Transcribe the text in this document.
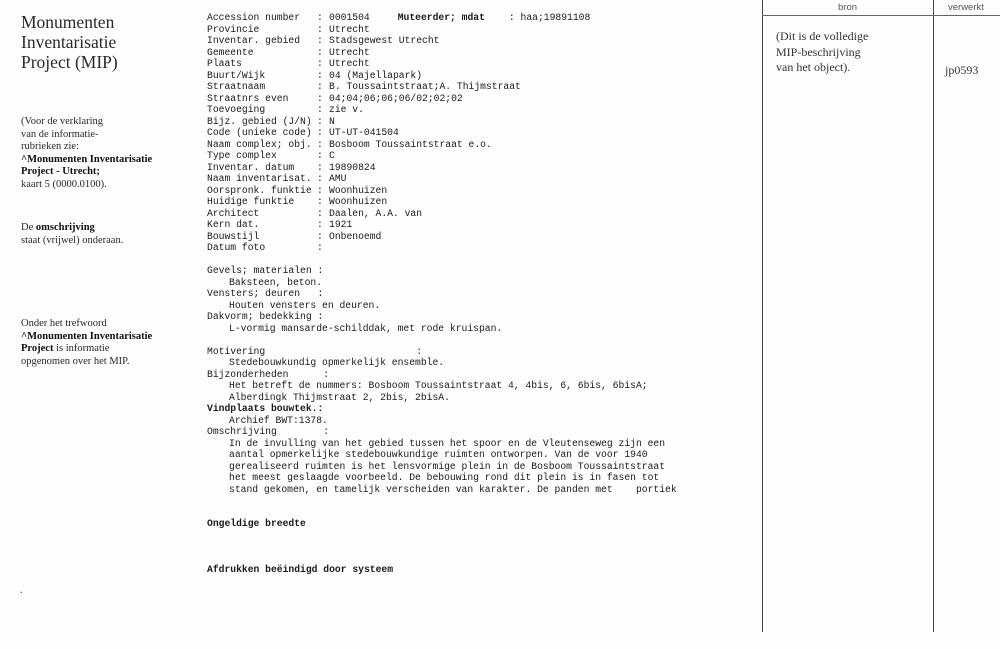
Monumenten

Inventarisatie

Project (MIP)

(Voor de verklaring
van de informatie-
rubrieken zie:
^Monumenten Inventarisatie
Project - Utrecht;
kaart 5 (0000.0100).
De omschrijving
staat (vrijwel) onderaan.
Onder het trefwoord
^Monumenten Inventarisatie
Project is informatie
opgenomen over het MIP.
.
Accession number	: 0001504	Muteerder; mdat : haa;19891108
Provincie	: Utrecht
Inventar. gebied	: Stadsgewest Utrecht
Gemeente	: Utrecht
Plaats	: Utrecht
Buurt/Wijk	: 04 (Majellapark)
Straatnaam	: B. Toussaintstraat;A. Thijmstraat
Straatnrs even	: 04;04;06;06;06/02;02;02
Toevoeging	: zie v.
Bijz. gebied (J/N) : N
Code (unieke code) : UT-UT-041504
Naam complex; obj. : Bosboom Toussaintstraat e.o.
Type complex	: C
Inventar. datum	: 19890824
Naam inventarisat. : AMU
Oorspronk. funktie : Woonhuizen
Huidige funktie	: Woonhuizen
Architect	: Daalen, A.A. van
Kern dat.	: 1921
Bouwstijl	: Onbenoemd
Datum foto	:
Gevels; materialen :
Baksteen, beton.
Vensters; deuren   :
Houten vensters en deuren.
Dakvorm; bedekking :
L-vormig mansarde-schilddak, met rode kruispan.
Motivering                          :
Stedebouwkundig opmerkelijk ensemble.
Bijzonderheden      :
Het betreft de nummers: Bosboom Toussaintstraat 4, 4bis, 6, 6bis, 6bisA;
Alberdingk Thijmstraat 2, 2bis, 2bisA.
Vindplaats bouwtek.:
Archief BWT:1378.
Omschrijving        :
In de invulling van het gebied tussen het spoor en de Vleutenseweg zijn een
aantal opmerkelijke stedebouwkundige ruimten ontworpen. Van de voor 1940
gerealiseerd ruimten is het lensvormige plein in de Bosboom Toussaintstraat
het meest geslaagde voorbeeld. De bebouwing rond dit plein is in fasen tot
stand gekomen, en tamelijk verscheiden van karakter. De panden met    portiek
Ongeldige breedte
Afdrukken beëindigd door systeem
bron	verwerkt
(Dit is de volledige
MIP-beschrijving
van het object).	jp0593
